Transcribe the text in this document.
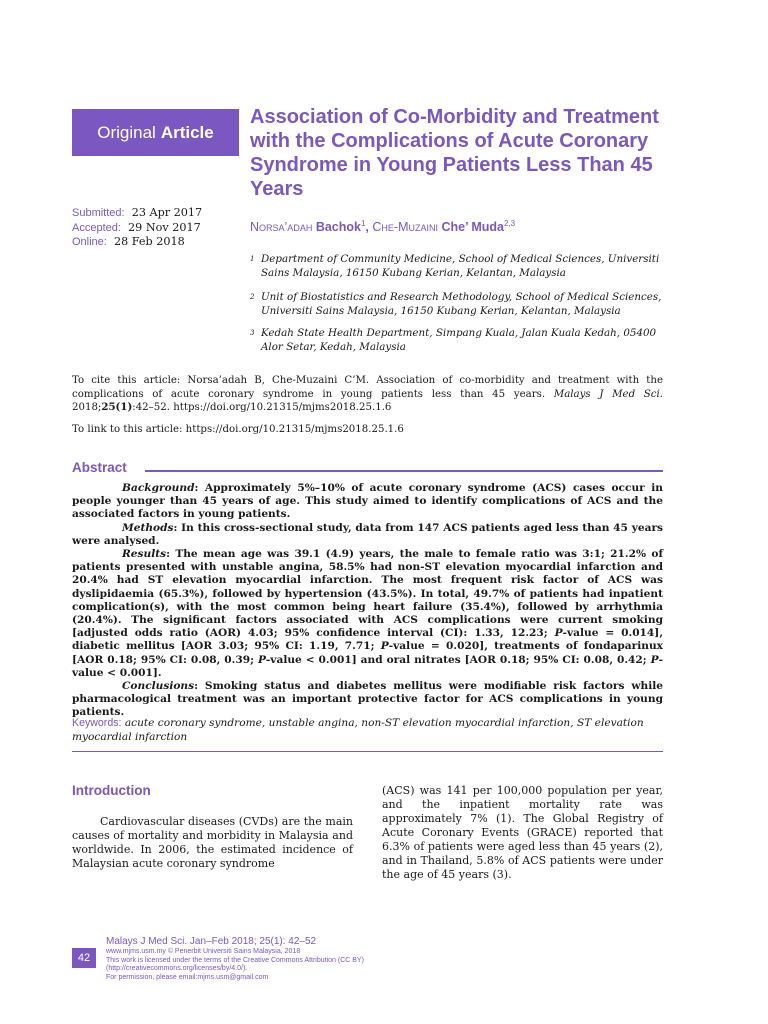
Original Article
Association of Co-Morbidity and Treatment with the Complications of Acute Coronary Syndrome in Young Patients Less Than 45 Years
Submitted: 23 Apr 2017
Accepted: 29 Nov 2017
Online: 28 Feb 2018
Norsa’adah Bachok$^1$, Che-Muzaini Che’ Muda$^{2,3}$
1 Department of Community Medicine, School of Medical Sciences, Universiti Sains Malaysia, 16150 Kubang Kerian, Kelantan, Malaysia
2 Unit of Biostatistics and Research Methodology, School of Medical Sciences, Universiti Sains Malaysia, 16150 Kubang Kerian, Kelantan, Malaysia
3 Kedah State Health Department, Simpang Kuala, Jalan Kuala Kedah, 05400 Alor Setar, Kedah, Malaysia
To cite this article: Norsa’adah B, Che-Muzaini C’M. Association of co-morbidity and treatment with the complications of acute coronary syndrome in young patients less than 45 years. Malays J Med Sci. 2018;25(1):42–52. https://doi.org/10.21315/mjms2018.25.1.6
To link to this article: https://doi.org/10.21315/mjms2018.25.1.6
Abstract

Background: Approximately 5%–10% of acute coronary syndrome (ACS) cases occur in people younger than 45 years of age. This study aimed to identify complications of ACS and the associated factors in young patients.

Methods: In this cross-sectional study, data from 147 ACS patients aged less than 45 years were analysed.

Results: The mean age was 39.1 (4.9) years, the male to female ratio was 3:1; 21.2% of patients presented with unstable angina, 58.5% had non-ST elevation myocardial infarction and 20.4% had ST elevation myocardial infarction. The most frequent risk factor of ACS was dyslipidaemia (65.3%), followed by hypertension (43.5%). In total, 49.7% of patients had inpatient complication(s), with the most common being heart failure (35.4%), followed by arrhythmia (20.4%). The significant factors associated with ACS complications were current smoking [adjusted odds ratio (AOR) 4.03; 95% confidence interval (CI): 1.33, 12.23; P-value = 0.014], diabetic mellitus [AOR 3.03; 95% CI: 1.19, 7.71; P-value = 0.020], treatments of fondaparinux [AOR 0.18; 95% CI: 0.08, 0.39; P-value < 0.001] and oral nitrates [AOR 0.18; 95% CI: 0.08, 0.42; P-value < 0.001].

Conclusions: Smoking status and diabetes mellitus were modifiable risk factors while pharmacological treatment was an important protective factor for ACS complications in young patients.

Keywords: acute coronary syndrome, unstable angina, non-ST elevation myocardial infarction, ST elevation myocardial infarction
Introduction
Cardiovascular diseases (CVDs) are the main causes of mortality and morbidity in Malaysia and worldwide. In 2006, the estimated incidence of Malaysian acute coronary syndrome
(ACS) was 141 per 100,000 population per year, and the inpatient mortality rate was approximately 7% (1). The Global Registry of Acute Coronary Events (GRACE) reported that 6.3% of patients were aged less than 45 years (2), and in Thailand, 5.8% of ACS patients were under the age of 45 years (3).
42
Malays J Med Sci. Jan–Feb 2018; 25(1): 42–52
www.mjms.usm.my © Penerbit Universiti Sains Malaysia, 2018
This work is licensed under the terms of the Creative Commons Attribution (CC BY)
(http://creativecommons.org/licenses/by/4.0/).
For permission, please email:mjms.usm@gmail.com
